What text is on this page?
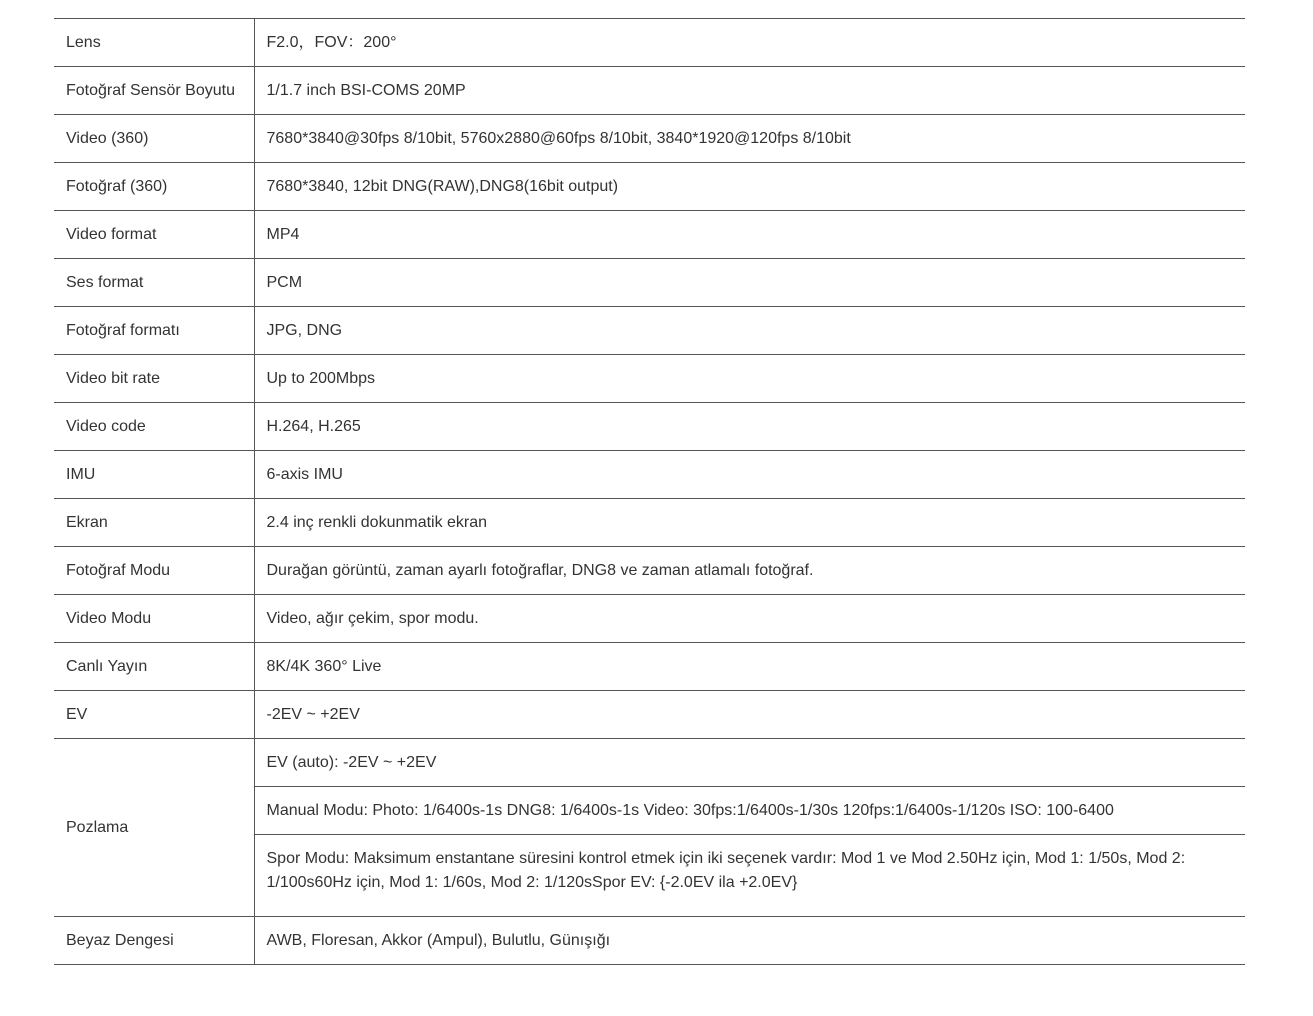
Lens	F2.0，FOV：200°
Fotoğraf Sensör Boyutu	1/1.7 inch BSI-COMS 20MP
Video (360)	7680*3840@30fps 8/10bit, 5760x2880@60fps 8/10bit, 3840*1920@120fps 8/10bit
Fotoğraf (360)	7680*3840, 12bit DNG(RAW),DNG8(16bit output)
Video format	MP4
Ses format	PCM
Fotoğraf formatı	JPG, DNG
Video bit rate	Up to 200Mbps
Video code	H.264, H.265
IMU	6-axis IMU
Ekran	2.4 inç renkli dokunmatik ekran
Fotoğraf Modu	Durağan görüntü, zaman ayarlı fotoğraflar, DNG8 ve zaman atlamalı fotoğraf.
Video Modu	Video, ağır çekim, spor modu.
Canlı Yayın	8K/4K 360° Live
EV	-2EV ~ +2EV
Pozlama	EV (auto): -2EV ~ +2EV
	Manual Modu: Photo: 1/6400s-1s DNG8: 1/6400s-1s Video: 30fps:1/6400s-1/30s 120fps:1/6400s-1/120s ISO: 100-6400
	Spor Modu: Maksimum enstantane süresini kontrol etmek için iki seçenek vardır: Mod 1 ve Mod 2.50Hz için, Mod 1: 1/50s, Mod 2: 1/100s60Hz için, Mod 1: 1/60s, Mod 2: 1/120sSpor EV: {-2.0EV ila +2.0EV}
Beyaz Dengesi	AWB, Floresan, Akkor (Ampul), Bulutlu, Günışığı
